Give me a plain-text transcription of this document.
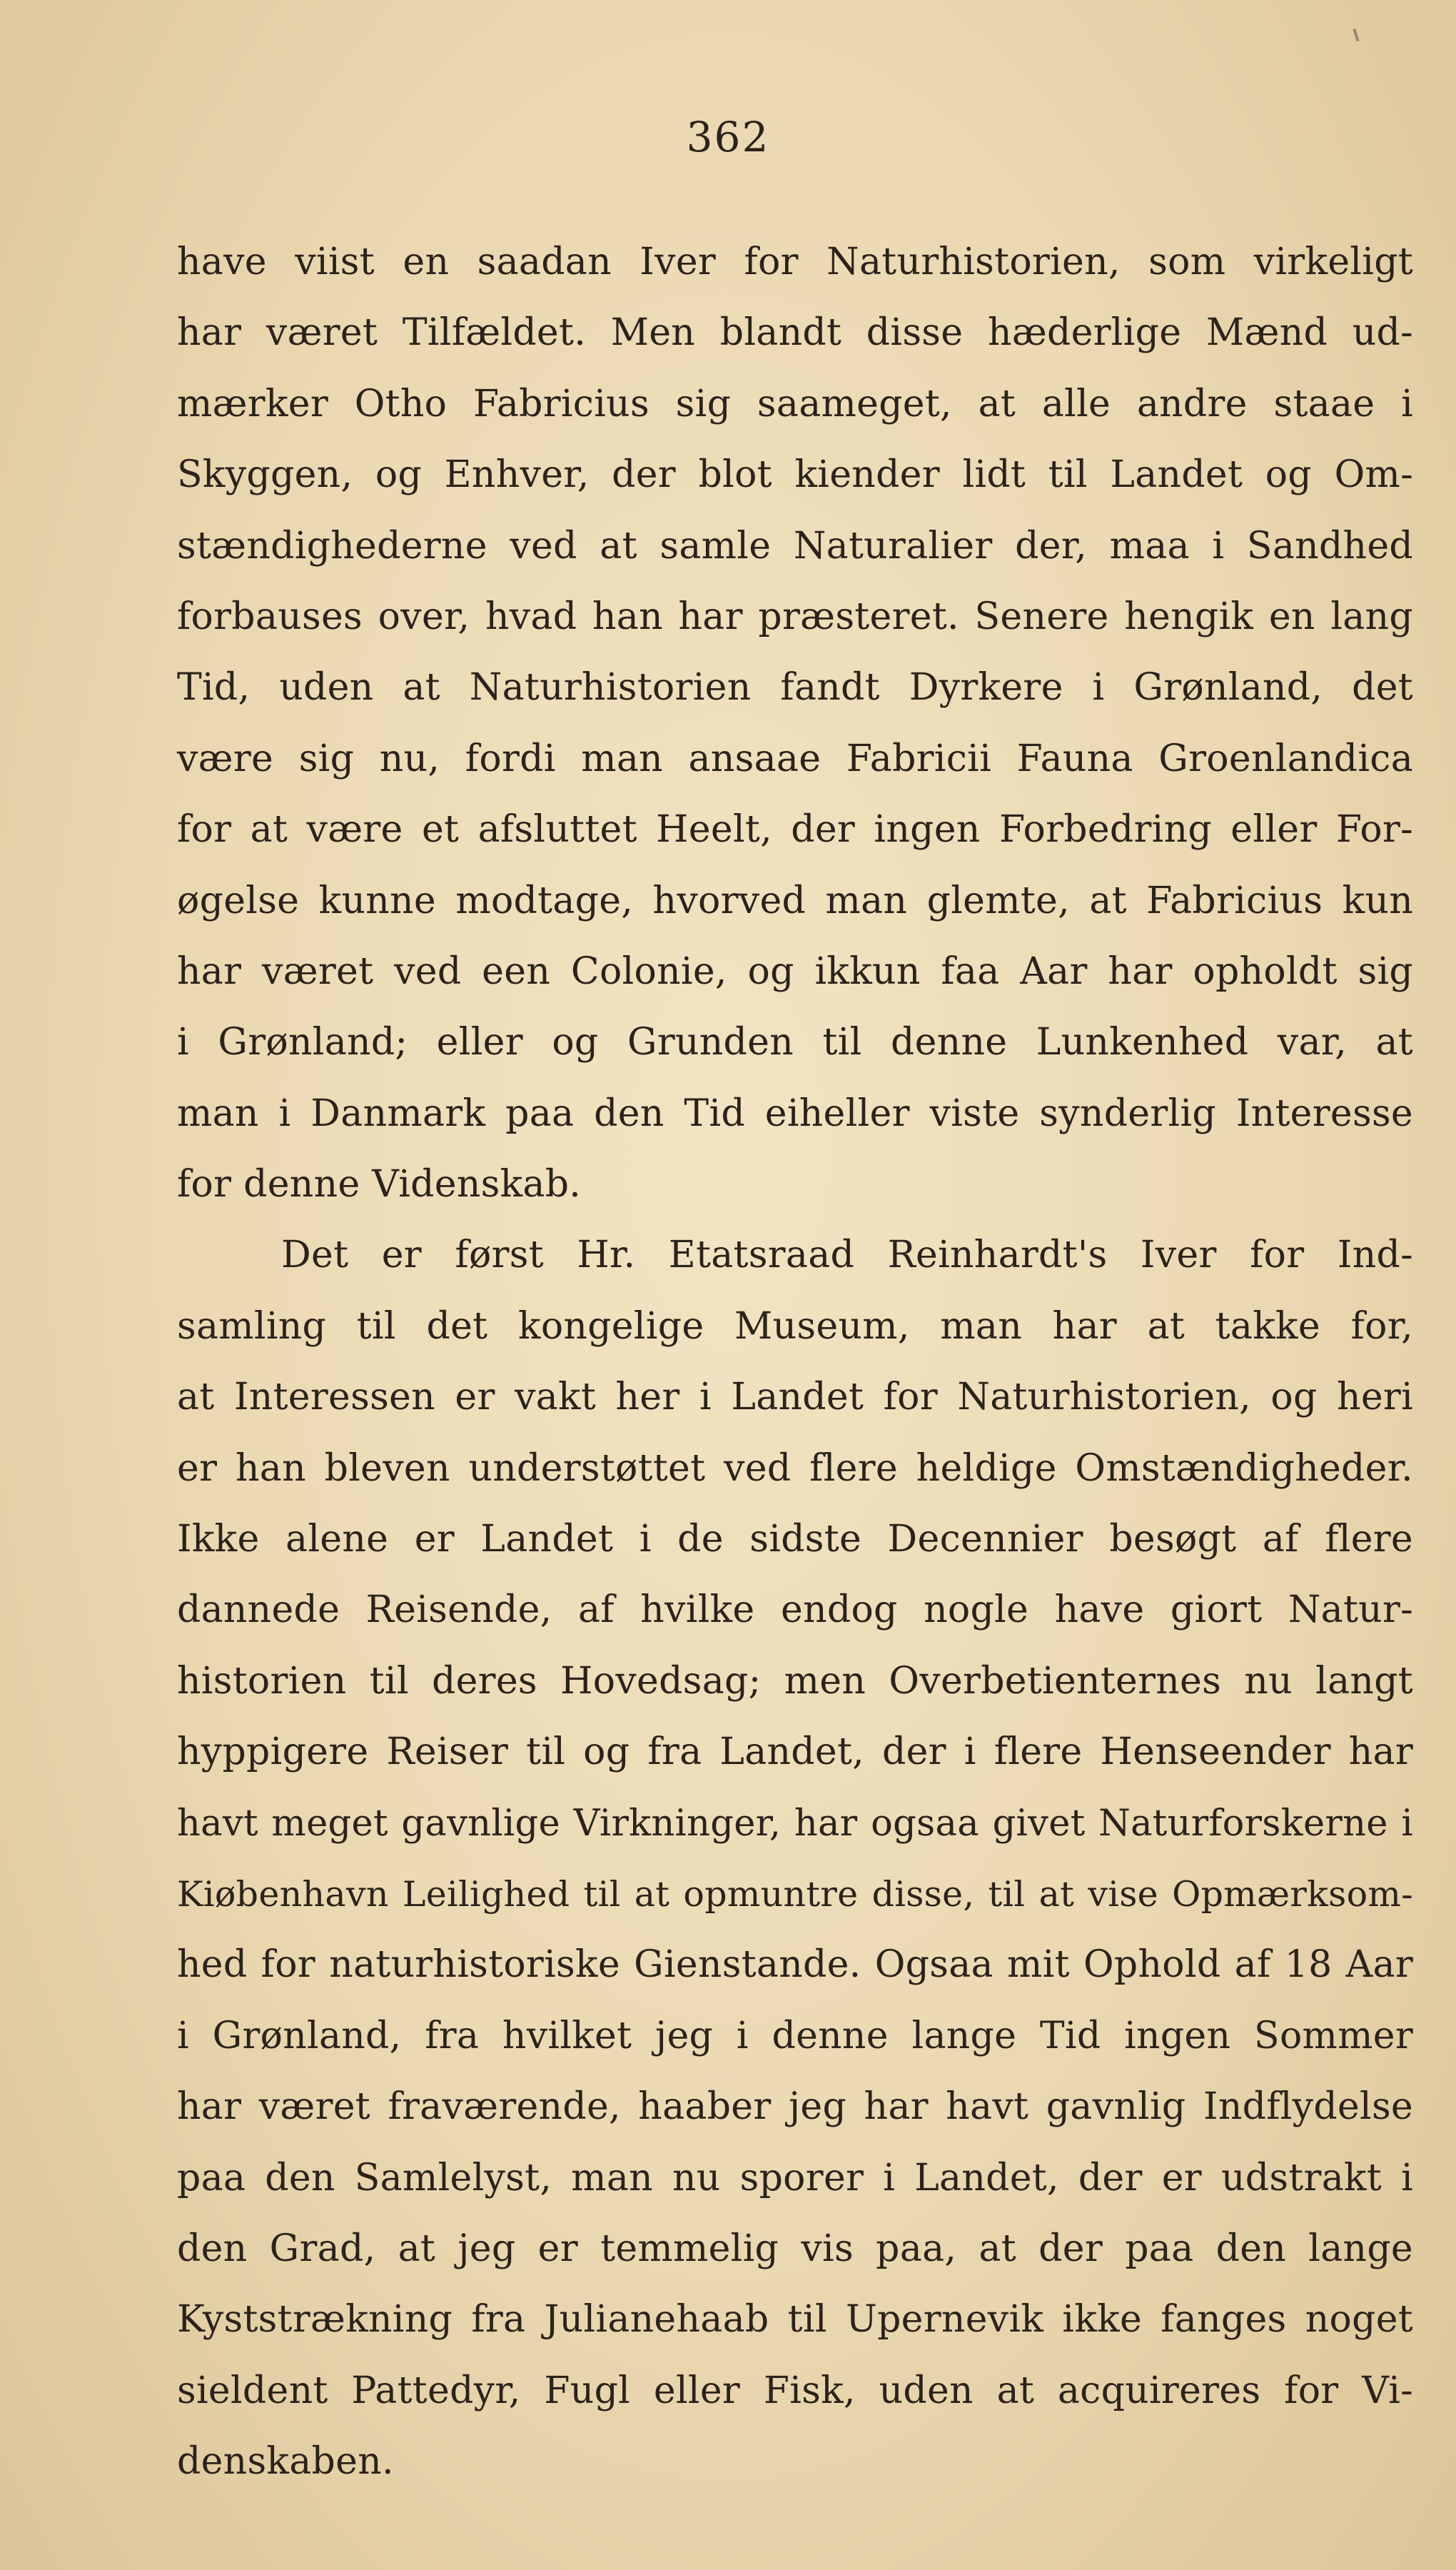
362
have viist en saadan Iver for Naturhistorien, som virkeligt
har været Tilfældet. Men blandt disse hæderlige Mænd ud-
mærker Otho Fabricius sig saameget, at alle andre staae i
Skyggen, og Enhver, der blot kiender lidt til Landet og Om-
stændighederne ved at samle Naturalier der, maa i Sandhed
forbauses over, hvad han har præsteret. Senere hengik en lang
Tid, uden at Naturhistorien fandt Dyrkere i Grønland, det
være sig nu, fordi man ansaae Fabricii Fauna Groenlandica
for at være et afsluttet Heelt, der ingen Forbedring eller For-
øgelse kunne modtage, hvorved man glemte, at Fabricius kun
har været ved een Colonie, og ikkun faa Aar har opholdt sig
i Grønland; eller og Grunden til denne Lunkenhed var, at
man i Danmark paa den Tid eiheller viste synderlig Interesse
for denne Videnskab.
Det er først Hr. Etatsraad Reinhardt's Iver for Ind-
samling til det kongelige Museum, man har at takke for,
at Interessen er vakt her i Landet for Naturhistorien, og heri
er han bleven understøttet ved flere heldige Omstændigheder.
Ikke alene er Landet i de sidste Decennier besøgt af flere
dannede Reisende, af hvilke endog nogle have giort Natur-
historien til deres Hovedsag; men Overbetienternes nu langt
hyppigere Reiser til og fra Landet, der i flere Henseender har
havt meget gavnlige Virkninger, har ogsaa givet Naturforskerne i
Kiøbenhavn Leilighed til at opmuntre disse, til at vise Opmærksom-
hed for naturhistoriske Gienstande. Ogsaa mit Ophold af 18 Aar
i Grønland, fra hvilket jeg i denne lange Tid ingen Sommer
har været fraværende, haaber jeg har havt gavnlig Indflydelse
paa den Samlelyst, man nu sporer i Landet, der er udstrakt i
den Grad, at jeg er temmelig vis paa, at der paa den lange
Kyststrækning fra Julianehaab til Upernevik ikke fanges noget
sieldent Pattedyr, Fugl eller Fisk, uden at acquireres for Vi-
denskaben.
